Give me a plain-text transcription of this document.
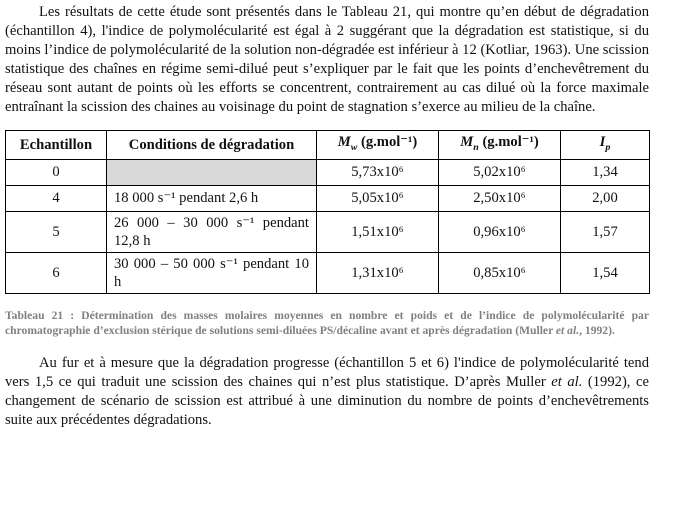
Les résultats de cette étude sont présentés dans le Tableau 21, qui montre qu’en début de dégradation (échantillon 4), l'indice de polymolécularité est égal à 2 suggérant que la dégradation est statistique, si du moins l’indice de polymolécularité de la solution non-dégradée est inférieur à 12 (Kotliar, 1963). Une scission statistique des chaînes en régime semi-dilué peut s’expliquer par le fait que les points d’enchevêtrement du réseau sont autant de points où les efforts se concentrent, contrairement au cas dilué où la force maximale entraînant la scission des chaines au voisinage du point de stagnation s’exerce au milieu de la chaîne.

Echantillon	Conditions de dégradation	$M_w$ (g.mol⁻¹)	$M_n$ (g.mol⁻¹)	$I_p$
0		5,73x10⁶	5,02x10⁶	1,34
4	18 000 s⁻¹ pendant 2,6 h	5,05x10⁶	2,50x10⁶	2,00
5	26 000 – 30 000 s⁻¹ pendant 12,8 h	1,51x10⁶	0,96x10⁶	1,57
6	30 000 – 50 000 s⁻¹ pendant 10 h	1,31x10⁶	0,85x10⁶	1,54

Tableau 21 : Détermination des masses molaires moyennes en nombre et poids et de l’indice de polymolécularité par chromatographie d’exclusion stérique de solutions semi-diluées PS/décaline avant et après dégradation (Muller et al., 1992).

Au fur et à mesure que la dégradation progresse (échantillon 5 et 6) l'indice de polymolécularité tend vers 1,5 ce qui traduit une scission des chaines qui n’est plus statistique. D’après Muller et al. (1992), ce changement de scénario de scission est attribué à une diminution du nombre de points d’enchevêtrements suite aux précédentes dégradations.
